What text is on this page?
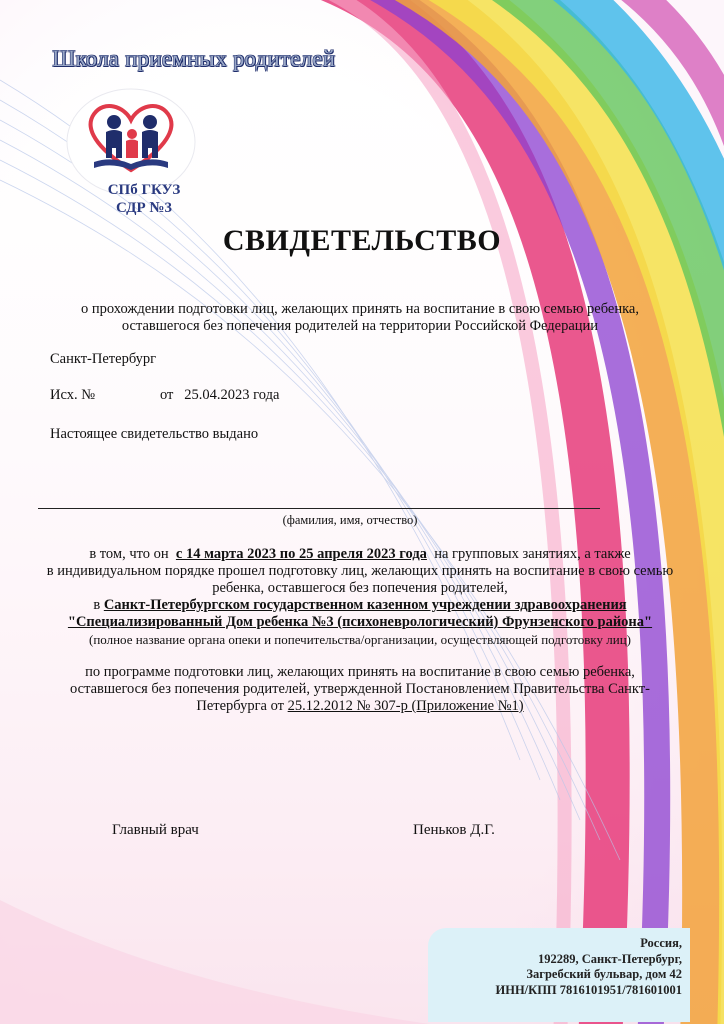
Школа приемных родителей
СПб ГКУЗ
СДР №3
СВИДЕТЕЛЬСТВО
о прохождении подготовки лиц, желающих принять на воспитание в свою семью ребенка,
оставшегося без попечения родителей на территории Российской Федерации
Санкт-Петербург
Исх. №	от 25.04.2023 года
Настоящее свидетельство выдано
(фамилия, имя, отчество)
в том, что он с 14 марта 2023 по 25 апреля 2023 года на групповых занятиях, а также
в индивидуальном порядке прошел подготовку лиц, желающих принять на воспитание в свою семью
ребенка, оставшегося без попечения родителей,
в Санкт-Петербургском государственном казенном учреждении здравоохранения
"Специализированный Дом ребенка №3 (психоневрологический) Фрунзенского района"
(полное название органа опеки и попечительства/организации, осуществляющей подготовку лиц)
по программе подготовки лиц, желающих принять на воспитание в свою семью ребенка,
оставшегося без попечения родителей, утвержденной Постановлением Правительства Санкт-
Петербурга от 25.12.2012 № 307-р (Приложение №1)
Главный врач	Пеньков Д.Г.
Россия,
192289, Санкт-Петербург,
Загребский бульвар, дом 42
ИНН/КПП 7816101951/781601001
